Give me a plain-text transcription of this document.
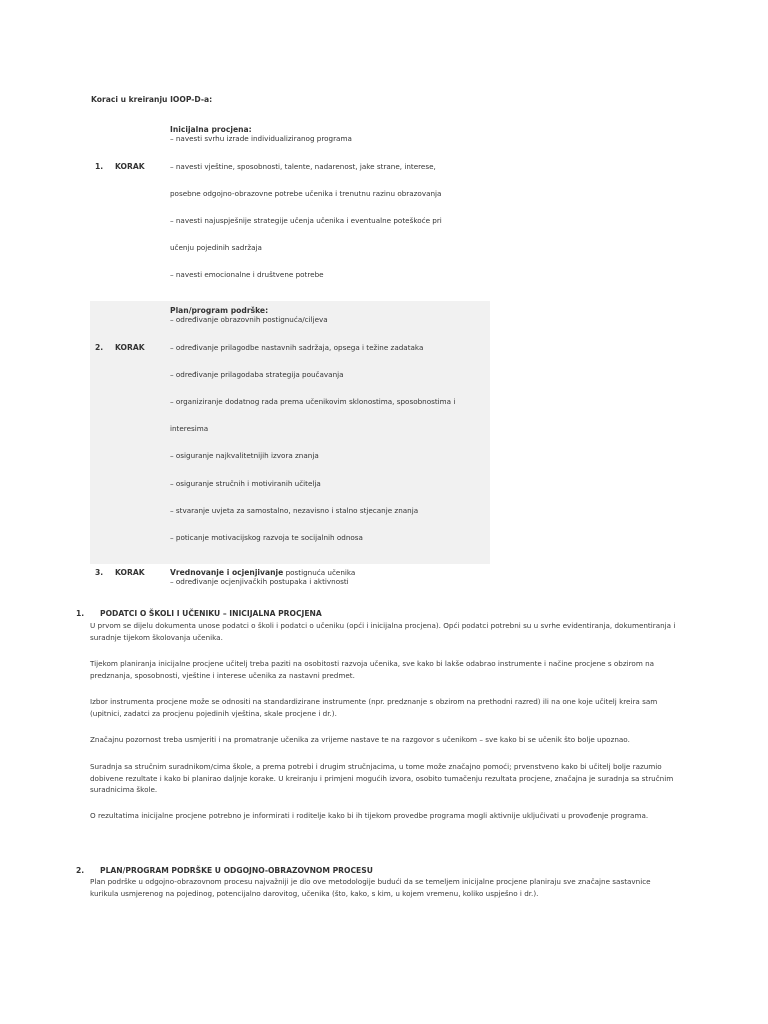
Koraci u kreiranju IOOP-D-a:
Inicijalna procjena:
– navesti svrhu izrade individualiziranog programa
1. KORAK	– navesti vještine, sposobnosti, talente, nadarenost, jake strane, interese,
posebne odgojno-obrazovne potrebe učenika i trenutnu razinu obrazovanja
– navesti najuspješnije strategije učenja učenika i eventualne poteškoće pri
učenju pojedinih sadržaja
– navesti emocionalne i društvene potrebe
Plan/program podrške:
– određivanje obrazovnih postignuća/ciljeva
2. KORAK	– određivanje prilagodbe nastavnih sadržaja, opsega i težine zadataka
– određivanje prilagodaba strategija poučavanja
– organiziranje dodatnog rada prema učenikovim sklonostima, sposobnostima i
interesima
– osiguranje najkvalitetnijih izvora znanja
– osiguranje stručnih i motiviranih učitelja
– stvaranje uvjeta za samostalno, nezavisno i stalno stjecanje znanja
– poticanje motivacijskog razvoja te socijalnih odnosa
3. KORAK	Vrednovanje i ocjenjivanje postignuća učenika
– određivanje ocjenjivačkih postupaka i aktivnosti
1. PODATCI O ŠKOLI I UČENIKU – INICIJALNA PROCJENA
U prvom se dijelu dokumenta unose podatci o školi i podatci o učeniku (opći i inicijalna procjena). Opći podatci potrebni su u svrhe evidentiranja, dokumentiranja i suradnje tijekom školovanja učenika.
Tijekom planiranja inicijalne procjene učitelj treba paziti na osobitosti razvoja učenika, sve kako bi lakše odabrao instrumente i načine procjene s obzirom na predznanja, sposobnosti, vještine i interese učenika za nastavni predmet.
Izbor instrumenta procjene može se odnositi na standardizirane instrumente (npr. predznanje s obzirom na prethodni razred) ili na one koje učitelj kreira sam (upitnici, zadatci za procjenu pojedinih vještina, skale procjene i dr.).
Značajnu pozornost treba usmjeriti i na promatranje učenika za vrijeme nastave te na razgovor s učenikom – sve kako bi se učenik što bolje upoznao.
Suradnja sa stručnim suradnikom/cima škole, a prema potrebi i drugim stručnjacima, u tome može značajno pomoći; prvenstveno kako bi učitelj bolje razumio dobivene rezultate i kako bi planirao daljnje korake. U kreiranju i primjeni mogućih izvora, osobito tumačenju rezultata procjene, značajna je suradnja sa stručnim suradnicima škole.
O rezultatima inicijalne procjene potrebno je informirati i roditelje kako bi ih tijekom provedbe programa mogli aktivnije uključivati u provođenje programa.
2. PLAN/PROGRAM PODRŠKE U ODGOJNO-OBRAZOVNOM PROCESU
Plan podrške u odgojno-obrazovnom procesu najvažniji je dio ove metodologije budući da se temeljem inicijalne procjene planiraju sve značajne sastavnice kurikula usmjerenog na pojedinog, potencijalno darovitog, učenika (što, kako, s kim, u kojem vremenu, koliko uspješno i dr.).
